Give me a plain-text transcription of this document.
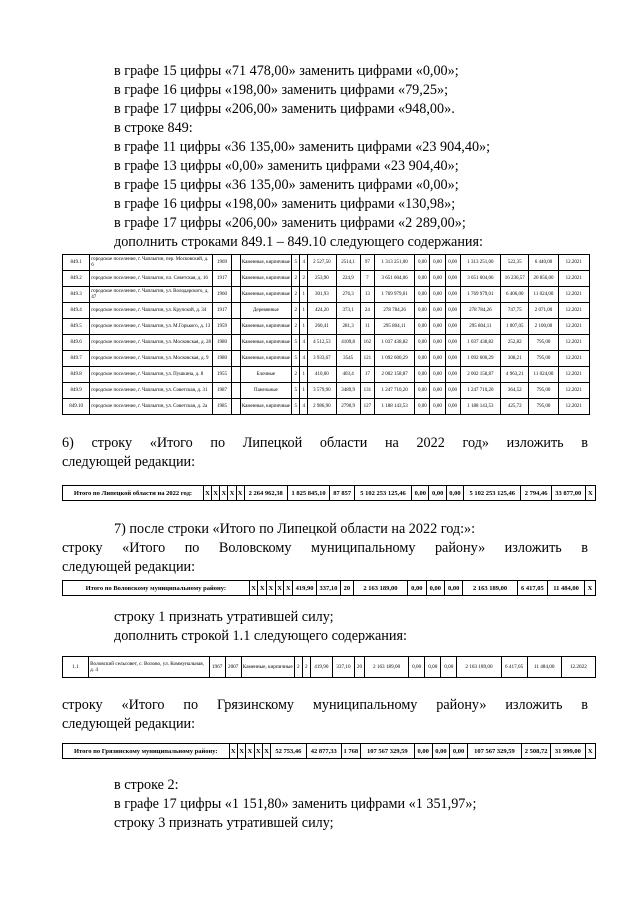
в графе 15 цифры «71 478,00» заменить цифрами «0,00»;
в графе 16 цифры «198,00» заменить цифрами «79,25»;
в графе 17 цифры «206,00» заменить цифрами «948,00».
в строке 849:
в графе 11 цифры «36 135,00» заменить цифрами «23 904,40»;
в графе 13 цифры «0,00» заменить цифрами «23 904,40»;
в графе 15 цифры «36 135,00» заменить цифрами «0,00»;
в графе 16 цифры «198,00» заменить цифрами «130,98»;
в графе 17 цифры «206,00» заменить цифрами «2 289,00»;
дополнить строками 849.1 – 849.10 следующего содержания:
849.1	городское поселение, г. Чаплыгин, пер. Московский, д. 6	1969		Каменные, кирпичные	5	4	2 527,50	2514,1	97	1 313 251,00	0,00	0,00	0,00	1 313 251,00	522,35	6 440,00	12.2021
849.2	городское поселение, г. Чаплыгин, пл. Советская, д. 16	1917		Каменные, кирпичные	2	2	253,90	224,9	7	3 651 604,06	0,00	0,00	0,00	3 651 604,06	16 236,57	20 856,00	12.2021
849.3	городское поселение, г. Чаплыгин, ул. Володарского, д. 47	1960		Каменные, кирпичные	2	1	301,93	276,3	13	1 769 979,01	0,00	0,00	0,00	1 769 979,01	6 406,00	11 024,00	12.2021
849.4	городское поселение, г. Чаплыгин, ул. Крупской, д. 34	1917		Деревянные	2	1	424,20	373,1	24	278 784,26	0,00	0,00	0,00	278 784,26	747,75	2 071,00	12.2021
849.5	городское поселение, г. Чаплыгин, ул. М.Горького, д. 13	1959		Каменные, кирпичные	2	1	260,41	281,3	11	295 804,11	0,00	0,00	0,00	295 804,11	1 007,05	2 100,00	12.2021
849.6	городское поселение, г. Чаплыгин, ул. Московская, д. 28	1980		Каменные, кирпичные	5	4	4 512,53	4109,8	162	1 037 438,82	0,00	0,00	0,00	1 037 438,82	252,82	795,00	12.2021
849.7	городское поселение, г. Чаплыгин, ул. Московская, д. 9	1980		Каменные, кирпичные	5	4	3 933,67	3545	121	1 092 600,29	0,00	0,00	0,00	1 092 600,29	308,21	795,00	12.2021
849.8	городское поселение, г. Чаплыгин, ул. Пушкина, д. 8	1955		Блочные	2	1	410,00	403,4	17	2 002 158,87	0,00	0,00	0,00	2 002 158,87	4 963,21	11 024,00	12.2021
849.9	городское поселение, г. Чаплыгин, ул. Советская, д. 31	1987		Панельные	5	1	3 579,90	3489,9	131	1 247 710,20	0,00	0,00	0,00	1 247 710,20	364,52	795,00	12.2021
849.10	городское поселение, г. Чаплыгин, ул. Советская, д. 2а	1985		Каменные, кирпичные	5	4	2 986,90	2790,9	127	1 188 143,53	0,00	0,00	0,00	1 188 143,53	425,72	795,00	12.2021
6) строку «Итого по Липецкой области на 2022 год» изложить в
следующей редакции:
Итого по Липецкой области на 2022 год:	X	X	X	X	X	2 264 962,38	1 825 845,10	87 857	5 102 253 125,46	0,00	0,00	0,00	5 102 253 125,46	2 794,46	33 877,00	X
7) после строки «Итого по Липецкой области на 2022 год:»:
строку «Итого по Воловскому муниципальному району» изложить в
следующей редакции:
Итого по Воловскому муниципальному району:	X	X	X	X	X	419,90	337,10	20	2 163 189,00	0,00	0,00	0,00	2 163 189,00	6 417,05	11 484,00	X
строку 1 признать утратившей силу;
дополнить строкой 1.1 следующего содержания:
1.1	Воловский сельсовет, с. Волово, ул. Коммунальная, д. 4	1967	2007	Каменные, кирпичные	2	2	419,90	337,10	20	2 163 189,00	0,00	0,00	0,00	2 163 189,00	6 417,05	11 484,00	12.2022
строку «Итого по Грязинскому муниципальному району» изложить в
следующей редакции:
Итого по Грязинскому муниципальному району:	X	X	X	X	X	52 753,46	42 877,33	1 768	107 567 329,59	0,00	0,00	0,00	107 567 329,59	2 508,72	31 999,00	X
в строке 2:
в графе 17 цифры «1 151,80» заменить цифрами «1 351,97»;
строку 3 признать утратившей силу;
